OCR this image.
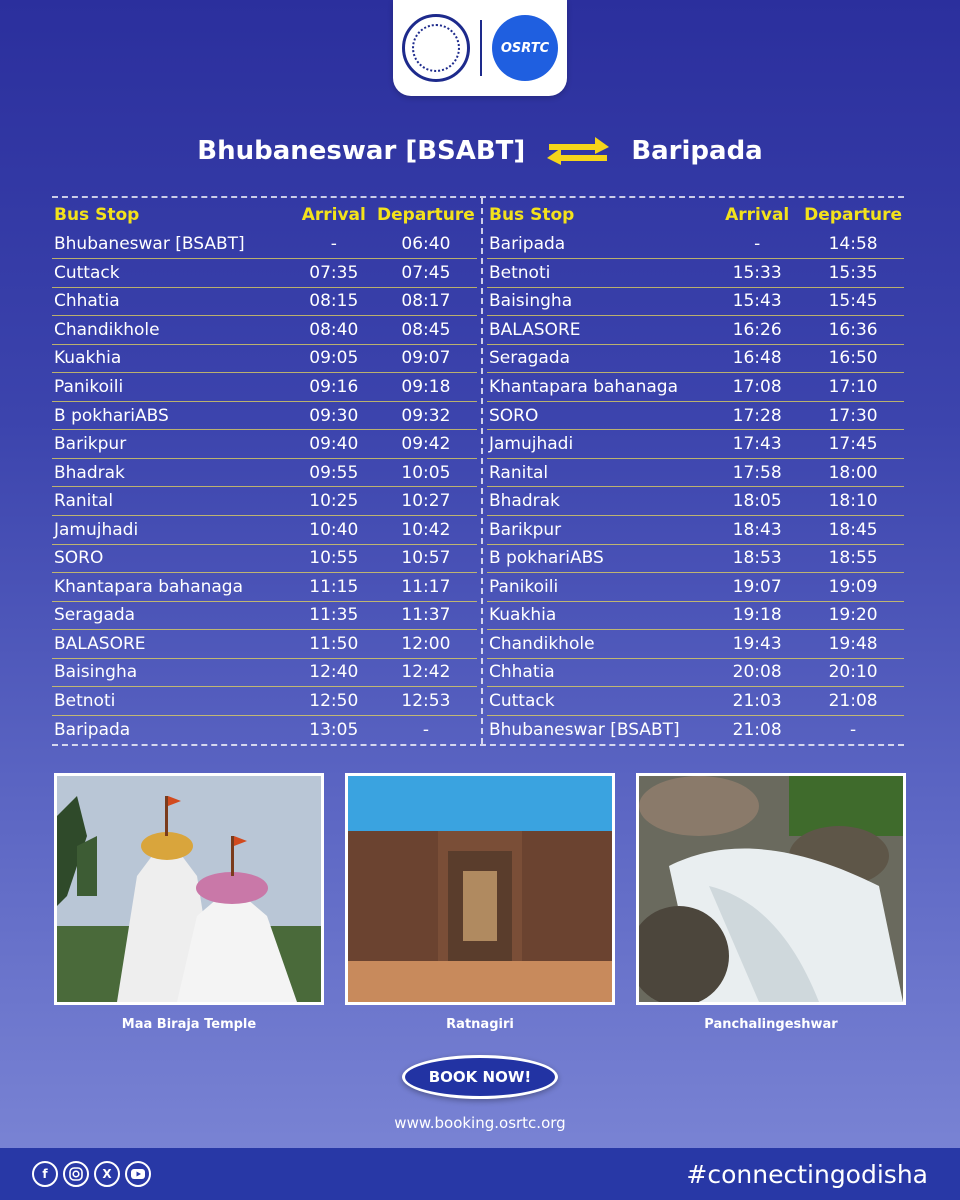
OSRTC
Bhubaneswar [BSABT]	Baripada
Bus Stop	Arrival	Departure
Bhubaneswar [BSABT]	-	06:40
Cuttack	07:35	07:45
Chhatia	08:15	08:17
Chandikhole	08:40	08:45
Kuakhia	09:05	09:07
Panikoili	09:16	09:18
B pokhariABS	09:30	09:32
Barikpur	09:40	09:42
Bhadrak	09:55	10:05
Ranital	10:25	10:27
Jamujhadi	10:40	10:42
SORO	10:55	10:57
Khantapara bahanaga	11:15	11:17
Seragada	11:35	11:37
BALASORE	11:50	12:00
Baisingha	12:40	12:42
Betnoti	12:50	12:53
Baripada	13:05	-
Bus Stop	Arrival	Departure
Baripada	-	14:58
Betnoti	15:33	15:35
Baisingha	15:43	15:45
BALASORE	16:26	16:36
Seragada	16:48	16:50
Khantapara bahanaga	17:08	17:10
SORO	17:28	17:30
Jamujhadi	17:43	17:45
Ranital	17:58	18:00
Bhadrak	18:05	18:10
Barikpur	18:43	18:45
B pokhariABS	18:53	18:55
Panikoili	19:07	19:09
Kuakhia	19:18	19:20
Chandikhole	19:43	19:48
Chhatia	20:08	20:10
Cuttack	21:03	21:08
Bhubaneswar [BSABT]	21:08	-
Maa Biraja Temple	Ratnagiri	Panchalingeshwar
BOOK NOW!
www.booking.osrtc.org
f	X	#connectingodisha
